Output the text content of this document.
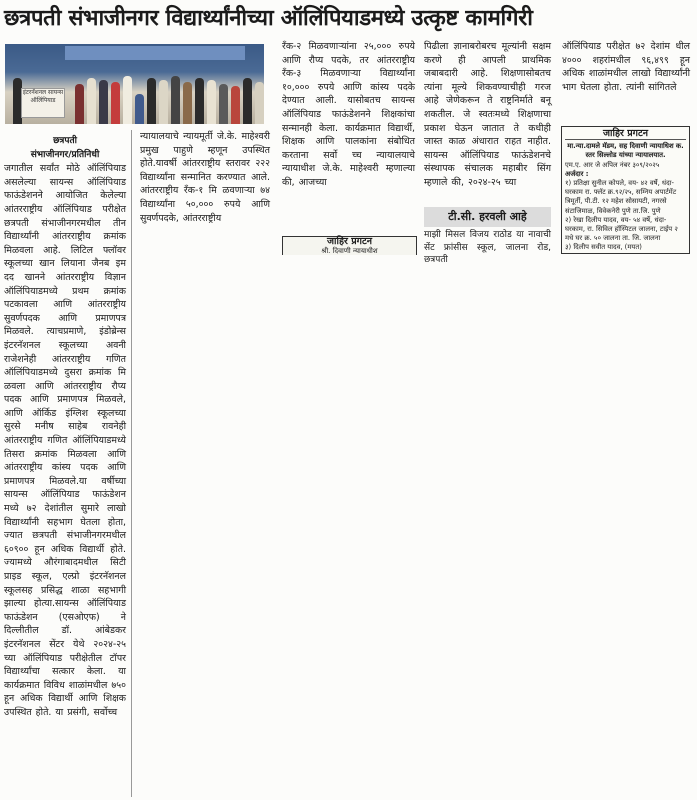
छत्रपती संभाजीनगर विद्यार्थ्यांनीच्या ऑलिंपियाडमध्ये उत्कृष्ट कामगिरी
इंटरनॅशनल सायन्स ऑलिंपियाड

छत्रपती

संभाजीनगर/प्रतिनिधी

जगातील सर्वांत मोठे ऑलिंपियाड असलेल्या सायन्स ऑलिंपियाड फाऊंडेशनने आयोजित केलेल्या आंतरराष्ट्रीय ऑलिंपियाड परीक्षेत छत्रपती संभाजीनगरमधील तीन विद्यार्थ्यांनी आंतरराष्ट्रीय क्रमांक मिळवला आहे. लिटिल फ्लॉवर स्कूलच्या खान लियाना जैनब इम दद खानने आंतरराष्ट्रीय विज्ञान ऑलिंपियाडमध्ये प्रथम क्रमांक पटकावला आणि आंतरराष्ट्रीय सुवर्णपदक आणि प्रमाणपत्र मिळवले. त्याचप्रमाणे, इंडोब्रेन्स इंटरनॅशनल स्कूलच्या अवनी राजेशनेही आंतरराष्ट्रीय गणित ऑलिंपियाडमध्ये दुसरा क्रमांक मि ळवला आणि आंतरराष्ट्रीय रौप्य पदक आणि प्रमाणपत्र मिळवले, आणि ऑर्किड इंग्लिश स्कूलच्या सुरसे मनीष साहेब रावनेही आंतरराष्ट्रीय गणित ऑलिंपियाडमध्ये तिसरा क्रमांक मिळवला आणि आंतरराष्ट्रीय कांस्य पदक आणि प्रमाणपत्र मिळवले.या वर्षीच्या सायन्स ऑलिंपियाड फाऊंडेशन मध्ये ७२ देशांतील सुमारे लाखो विद्यार्थ्यांनी सहभाग घेतला होता, ज्यात छत्रपती संभाजीनगरमधील ६०९०० हून अधिक विद्यार्थी होते. ज्यामध्ये औरंगाबादमधील सिटी प्राइड स्कूल, एल्प्रो इंटरनॅशनल स्कूलसह प्रसिद्ध शाळा सहभागी झाल्या होत्या.सायन्स ऑलिंपियाड फाऊंडेशन (एसओएफ) ने दिल्लीतील डॉ. आंबेडकर इंटरनॅशनल सेंटर येथे २०२४-२५ च्या ऑलिंपियाड परीक्षेतील टॉपर विद्यार्थ्यांचा सत्कार केला. या कार्यक्रमात विविध शाळांमधील ७५० हून अधिक विद्यार्थी आणि शिक्षक उपस्थित होते. या प्रसंगी, सर्वोच्च

न्यायालयाचे न्यायमूर्ती जे.के. माहेश्वरी प्रमुख पाहुणे म्हणून उपस्थित होते.यावर्षी आंतरराष्ट्रीय स्तरावर २२२ विद्यार्थ्यांना सन्मानित करण्यात आले. आंतरराष्ट्रीय रँक-१ मि ळवणाऱ्या ७४ विद्यार्थ्यांना ५०,००० रुपये आणि सुवर्णपदके, आंतरराष्ट्रीय

रँक-२ मिळवणाऱ्यांना २५,००० रुपये आणि रौप्य पदके, तर आंतरराष्ट्रीय रँक-३ मिळवणाऱ्या विद्यार्थ्यांना १०,००० रुपये आणि कांस्य पदके देण्यात आली. यासोबतच सायन्स ऑलिंपियाड फाऊंडेशनने शिक्षकांचा सन्मानही केला. कार्यक्रमात विद्यार्थी, शिक्षक आणि पालकांना संबोधित करताना सर्वो च्च न्यायालयाचे न्यायाधीश जे.के. माहेश्वरी म्हणाल्या की, आजच्या

जाहिर प्रगटन
श्री. दिवाणी न्यायाधीश

पिढीला ज्ञानाबरोबरच मूल्यांनी सक्षम करणे ही आपली प्राथमिक जबाबदारी आहे. शिक्षणासोबतच त्यांना मूल्ये शिकवण्याचीही गरज आहे जेणेकरून ते राष्ट्रनिर्माते बनू शकतील. जे स्वतःमध्ये शिक्षणाचा प्रकाश घेऊन जातात ते कधीही जास्त काळ अंधारात राहत नाहीत. सायन्स ऑलिंपियाड फाऊंडेशनचे संस्थापक संचालक महाबीर सिंग म्हणाले की, २०२४-२५ च्या

टी.सी. हरवली आहे
माझी मिसल विजय राठोड या नावाची सेंट फ्रांसीस स्कूल, जालना रोड, छत्रपती

ऑलिंपियाड परीक्षेत ७२ देशांम धील ४००० शहरांमधील ९६,४९९ हून अधिक शाळांमधील लाखो विद्यार्थ्यांनी भाग घेतला होता. त्यांनी सांगितले

जाहिर प्रगटन
मा.न्या.दामले मॅडम, सह दिवाणी न्यायाधिश क. स्तर सिल्लोड यांच्या न्यायालयात.
एम.ए. आर जे अपिल नंबर ३०९/२०२५
अर्जदार :
१) प्रतिक्षा सुनील कोपले, वय- ४२ वर्षे, धंदा- घरकाम रा. फ्लॅट क्र.९२/२५, सम्निय अपार्टमेंट त्रिमूर्ती, पी.टी. १२ महेश सोसायटी, नगरसे संटाजिमाळ, विवेकनेरी पुणे ता.जि. पुणे
२) रेखा दिलीप यादव, वय- ५४ वर्षे, धंदा- घरकाम, रा. सिविल हॉस्पिटल जालना, टाईप २ मधे घर क्र. ५० जालना ता. जि. जालना
३) दिलीप सवीत यादव, (मयत)
